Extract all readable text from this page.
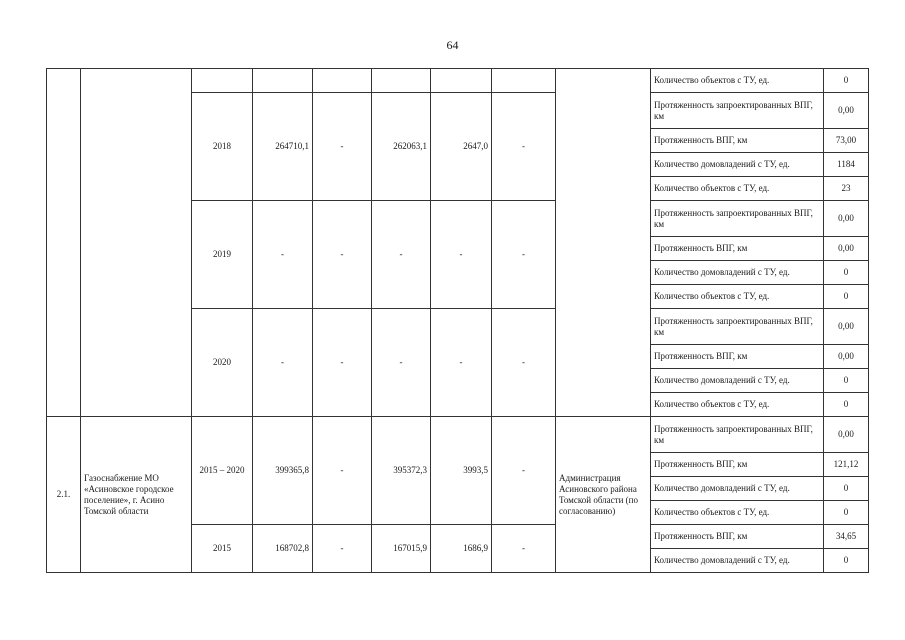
64
									Количество объектов с ТУ, ед.	0
		2018	264710,1	-	262063,1	2647,0	-		Протяженность запроектированных ВПГ, км	0,00
									Протяженность ВПГ, км	73,00
									Количество домовладений с ТУ, ед.	1184
									Количество объектов с ТУ, ед.	23
		2019	-	-	-	-	-		Протяженность запроектированных ВПГ, км	0,00
									Протяженность ВПГ, км	0,00
									Количество домовладений с ТУ, ед.	0
									Количество объектов с ТУ, ед.	0
		2020	-	-	-	-	-		Протяженность запроектированных ВПГ, км	0,00
									Протяженность ВПГ, км	0,00
									Количество домовладений с ТУ, ед.	0
									Количество объектов с ТУ, ед.	0
2.1.	Газоснабжение МО «Асиновское городское поселение», г. Асино Томской области	2015 – 2020	399365,8	-	395372,3	3993,5	-	Администрация Асиновского района Томской области (по согласованию)	Протяженность запроектированных ВПГ, км	0,00
									Протяженность ВПГ, км	121,12
									Количество домовладений с ТУ, ед.	0
									Количество объектов с ТУ, ед.	0
		2015	168702,8	-	167015,9	1686,9	-		Протяженность ВПГ, км	34,65
									Количество домовладений с ТУ, ед.	0
